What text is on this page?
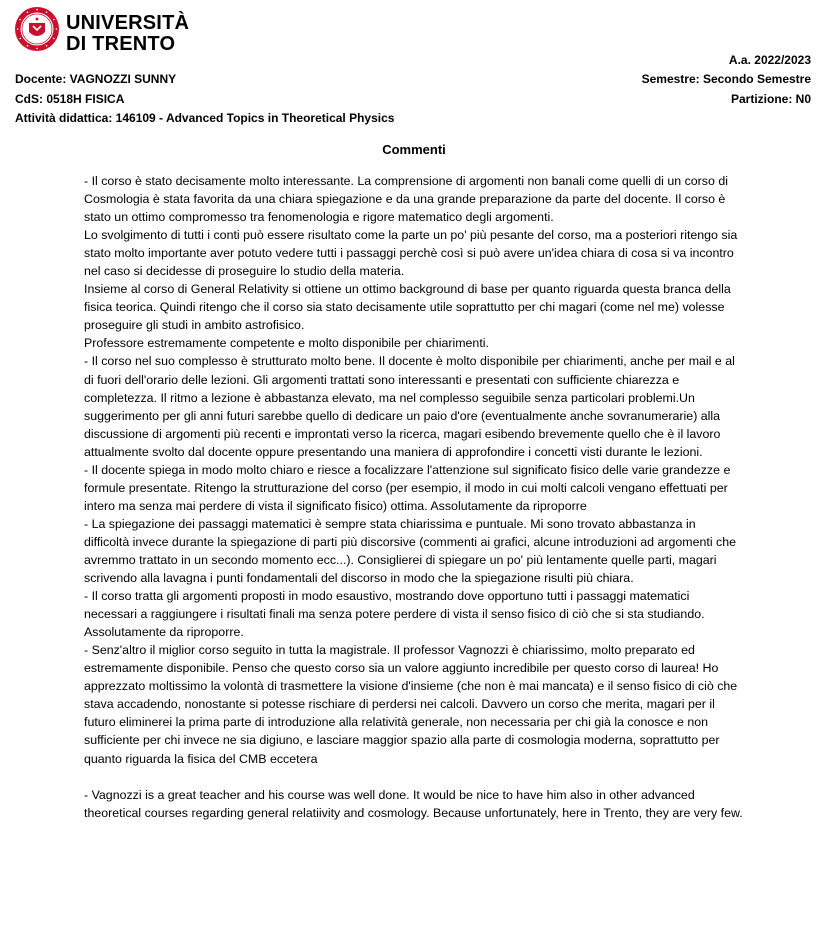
UNIVERSITÀ
DI TRENTO
A.a. 2022/2023
Docente: VAGNOZZI SUNNY	Semestre: Secondo Semestre
CdS: 0518H FISICA	Partizione: N0
Attività didattica: 146109 - Advanced Topics in Theoretical Physics
Commenti

- Il corso è stato decisamente molto interessante. La comprensione di argomenti non banali come quelli di un corso di Cosmologia è stata favorita da una chiara spiegazione e da una grande preparazione da parte del docente. Il corso è stato un ottimo compromesso tra fenomenologia e rigore matematico degli argomenti.

Lo svolgimento di tutti i conti può essere risultato come la parte un po' più pesante del corso, ma a posteriori ritengo sia stato molto importante aver potuto vedere tutti i passaggi perchè così si può avere un'idea chiara di cosa si va incontro nel caso si decidesse di proseguire lo studio della materia.

Insieme al corso di General Relativity si ottiene un ottimo background di base per quanto riguarda questa branca della fisica teorica. Quindi ritengo che il corso sia stato decisamente utile soprattutto per chi magari (come nel me) volesse proseguire gli studi in ambito astrofisico.

Professore estremamente competente e molto disponibile per chiarimenti.

- Il corso nel suo complesso è strutturato molto bene. Il docente è molto disponibile per chiarimenti, anche per mail e al di fuori dell'orario delle lezioni. Gli argomenti trattati sono interessanti e presentati con sufficiente chiarezza e completezza. Il ritmo a lezione è abbastanza elevato, ma nel complesso seguibile senza particolari problemi.Un suggerimento per gli anni futuri sarebbe quello di dedicare un paio d'ore (eventualmente anche sovranumerarie) alla discussione di argomenti più recenti e improntati verso la ricerca, magari esibendo brevemente quello che è il lavoro attualmente svolto dal docente oppure presentando una maniera di approfondire i concetti visti durante le lezioni.

- Il docente spiega in modo molto chiaro e riesce a focalizzare l'attenzione sul significato fisico delle varie grandezze e formule presentate. Ritengo la strutturazione del corso (per esempio, il modo in cui molti calcoli vengano effettuati per intero ma senza mai perdere di vista il significato fisico) ottima. Assolutamente da riproporre

- La spiegazione dei passaggi matematici è sempre stata chiarissima e puntuale. Mi sono trovato abbastanza in difficoltà invece durante la spiegazione di parti più discorsive (commenti ai grafici, alcune introduzioni ad argomenti che avremmo trattato in un secondo momento ecc...). Consiglierei di spiegare un po' più lentamente quelle parti, magari scrivendo alla lavagna i punti fondamentali del discorso in modo che la spiegazione risulti più chiara.

- Il corso tratta gli argomenti proposti in modo esaustivo, mostrando dove opportuno tutti i passaggi matematici necessari a raggiungere i risultati finali ma senza potere perdere di vista il senso fisico di ciò che si sta studiando. Assolutamente da riproporre.

- Senz'altro il miglior corso seguito in tutta la magistrale. Il professor Vagnozzi è chiarissimo, molto preparato ed estremamente disponibile. Penso che questo corso sia un valore aggiunto incredibile per questo corso di laurea! Ho apprezzato moltissimo la volontà di trasmettere la visione d'insieme (che non è mai mancata) e il senso fisico di ciò che stava accadendo, nonostante si potesse rischiare di perdersi nei calcoli. Davvero un corso che merita, magari per il futuro eliminerei la prima parte di introduzione alla relatività generale, non necessaria per chi già la conosce e non sufficiente per chi invece ne sia digiuno, e lasciare maggior spazio alla parte di cosmologia moderna, soprattutto per quanto riguarda la fisica del CMB eccetera

- Vagnozzi is a great teacher and his course was well done. It would be nice to have him also in other advanced theoretical courses regarding general relatiivity and cosmology. Because unfortunately, here in Trento, they are very few.
